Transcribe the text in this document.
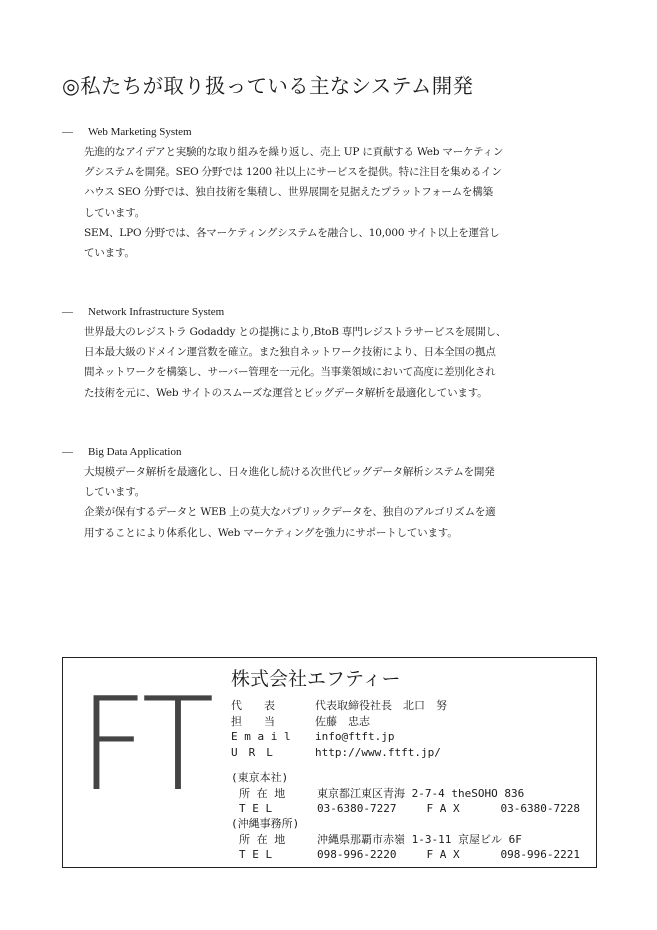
◎私たちが取り扱っている主なシステム開発
— Web Marketing System
先進的なアイデアと実験的な取り組みを繰り返し、売上 UP に貢献する Web マーケティン
グシステムを開発。SEO 分野では 1200 社以上にサービスを提供。特に注目を集めるイン
ハウス SEO 分野では、独自技術を集積し、世界展開を見据えたプラットフォームを構築
しています。
SEM、LPO 分野では、各マーケティングシステムを融合し、10,000 サイト以上を運営し
ています。
— Network Infrastructure System
世界最大のレジストラ Godaddy との提携により,BtoB 専門レジストラサービスを展開し、
日本最大級のドメイン運営数を確立。また独自ネットワーク技術により、日本全国の拠点
間ネットワークを構築し、サーバー管理を一元化。当事業領域において高度に差別化され
た技術を元に、Web サイトのスムーズな運営とビッグデータ解析を最適化しています。
— Big Data Application
大規模データ解析を最適化し、日々進化し続ける次世代ビッグデータ解析システムを開発
しています。
企業が保有するデータと WEB 上の莫大なパブリックデータを、独自のアルゴリズムを適
用することにより体系化し、Web マーケティングを強力にサポートしています。
FT 株式会社エフティー
代　　表	代表取締役社長　北口　努
担　　当	佐藤　忠志
E m a i l	info@ftft.jp
U　R　L	http://www.ftft.jp/
(東京本社)
所 在 地	東京都江東区青海 2-7-4 theSOHO 836
T E L	03-6380-7227	F A X	03-6380-7228
(沖縄事務所)
所 在 地	沖縄県那覇市赤嶺 1-3-11 京屋ビル 6F
T E L	098-996-2220	F A X	098-996-2221
